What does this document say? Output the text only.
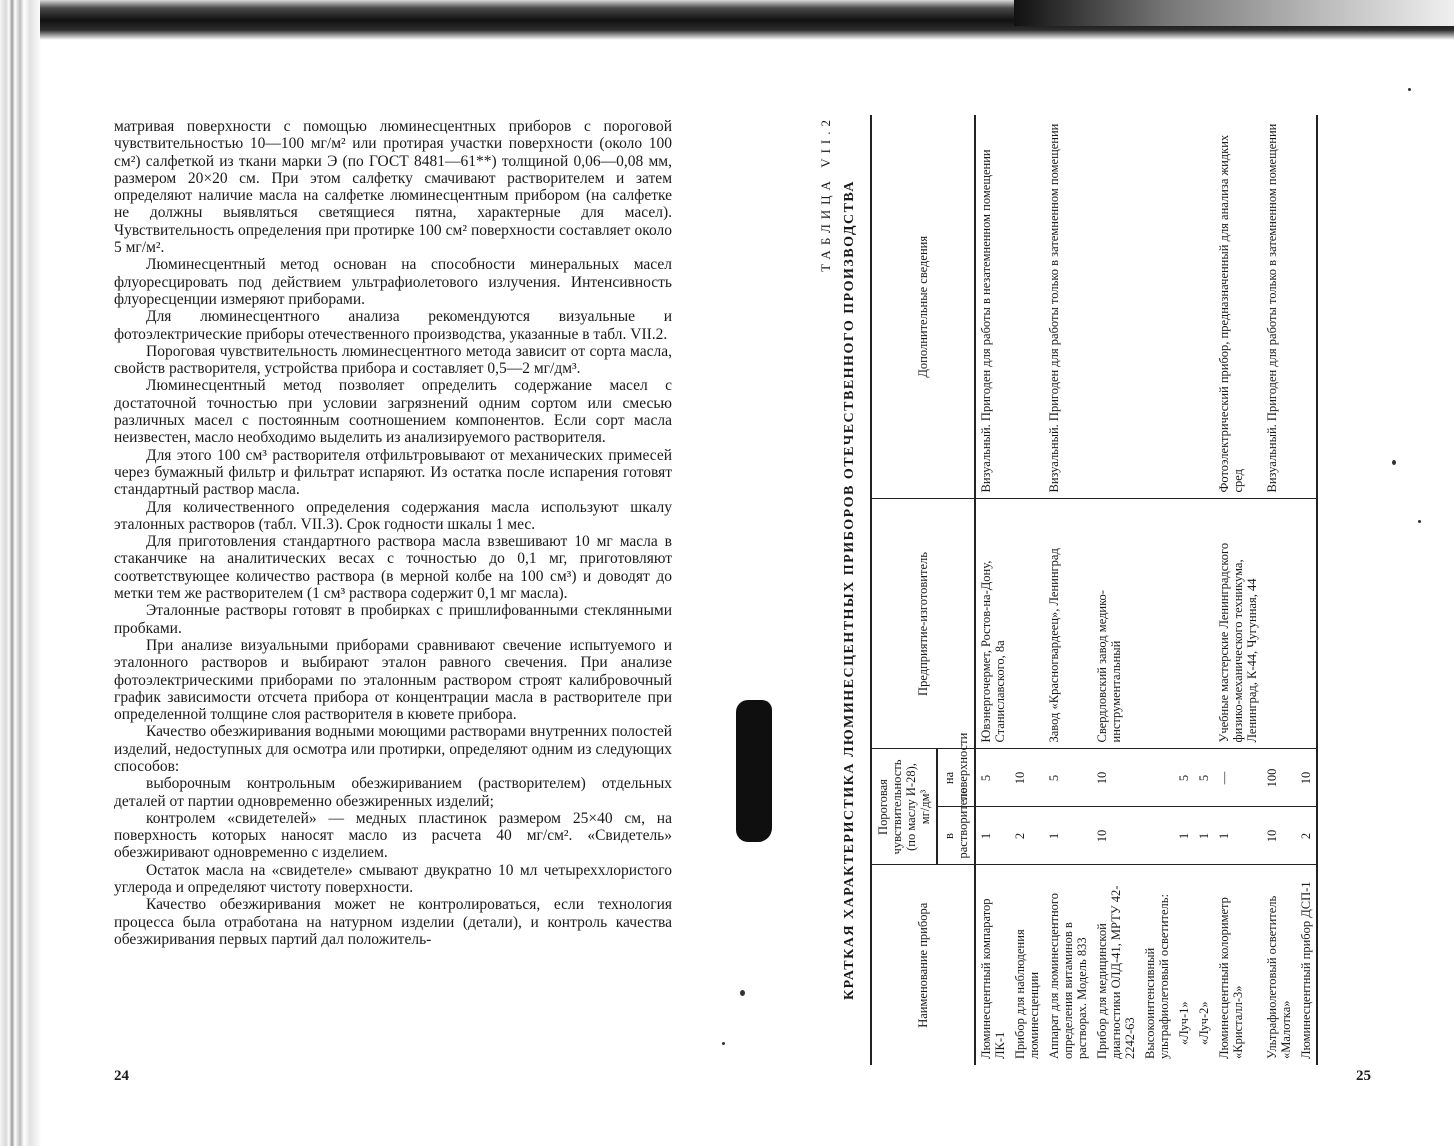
матривая поверхности с помощью люминесцентных приборов с пороговой чувствительностью 10—100 мг/м² или протирая участки поверхности (около 100 см²) салфеткой из ткани марки Э (по ГОСТ 8481—61**) толщиной 0,06—0,08 мм, размером 20×20 см. При этом салфетку смачивают растворителем и затем определяют наличие масла на салфетке люминесцентным прибором (на салфетке не должны выявляться светящиеся пятна, характерные для масел). Чувствительность определения при протирке 100 см² поверхности составляет около 5 мг/м².

Люминесцентный метод основан на способности минеральных масел флуоресцировать под действием ультрафиолетового излучения. Интенсивность флуоресценции измеряют приборами.

Для люминесцентного анализа рекомендуются визуальные и фотоэлектрические приборы отечественного производства, указанные в табл. VII.2.

Пороговая чувствительность люминесцентного метода зависит от сорта масла, свойств растворителя, устройства прибора и составляет 0,5—2 мг/дм³.

Люминесцентный метод позволяет определить содержание масел с достаточной точностью при условии загрязнений одним сортом или смесью различных масел с постоянным соотношением компонентов. Если сорт масла неизвестен, масло необходимо выделить из анализируемого растворителя.

Для этого 100 см³ растворителя отфильтровывают от механических примесей через бумажный фильтр и фильтрат испаряют. Из остатка после испарения готовят стандартный раствор масла.

Для количественного определения содержания масла используют шкалу эталонных растворов (табл. VII.3). Срок годности шкалы 1 мес.

Для приготовления стандартного раствора масла взвешивают 10 мг масла в стаканчике на аналитических весах с точностью до 0,1 мг, приготовляют соответствующее количество раствора (в мерной колбе на 100 см³) и доводят до метки тем же растворителем (1 см³ раствора содержит 0,1 мг масла).

Эталонные растворы готовят в пробирках с пришлифованными стеклянными пробками.

При анализе визуальными приборами сравнивают свечение испытуемого и эталонного растворов и выбирают эталон равного свечения. При анализе фотоэлектрическими приборами по эталонным раствором строят калибровочный график зависимости отсчета прибора от концентрации масла в растворителе при определенной толщине слоя растворителя в кювете прибора.

Качество обезжиривания водными моющими растворами внутренних полостей изделий, недоступных для осмотра или протирки, определяют одним из следующих способов:

выборочным контрольным обезжириванием (растворителем) отдельных деталей от партии одновременно обезжиренных изделий;

контролем «свидетелей» — медных пластинок размером 25×40 см, на поверхность которых наносят масло из расчета 40 мг/см². «Свидетель» обезжиривают одновременно с изделием.

Остаток масла на «свидетеле» смывают двукратно 10 мл четыреххлористого углерода и определяют чистоту поверхности.

Качество обезжиривания может не контролироваться, если технология процесса была отработана на натурном изделии (детали), и контроль качества обезжиривания первых партий дал положитель-

24
ТАБЛИЦА VII.2 КРАТКАЯ ХАРАКТЕРИСТИКА ЛЮМИНЕСЦЕНТНЫХ ПРИБОРОВ ОТЕЧЕСТВЕННОГО ПРОИЗВОДСТВА	Наименование прибора	Пороговая чувствительность (по маслу И-28), мг/дм³		Предприятие-изготовитель	Дополнительные сведения
	в растворителе	на поверхности		
Люминесцентный компаратор ЛК-1	1	5	Ювэнергочермет, Ростов-на-Дону, Станиславского, 8а	Визуальный. Пригоден для работы в незатемненном помещении
Прибор для наблюдения люминесценции	2	10		
Аппарат для люминесцентного определения витаминов в растворах. Модель 833	1	5	Завод «Красногвардеец», Ленинград	Визуальный. Пригоден для работы только в затемненном помещении
Прибор для медицинской диагностики ОЛД-41, МРТУ 42-2242-63	10	10	Свердловский завод медико-инструментальный	
Высокоинтенсивный ультрафиолетовый осветитель:				
«Луч-1»	1	5		
«Луч-2»	1	5		
Люминесцентный колориметр «Кристалл-3»	1	—	Учебные мастерские Ленинградского физико-механического техникума, Ленинград, К-44, Чугунная, 44	Фотоэлектрический прибор, предназначенный для анализа жидких сред
Ультрафиолетовый осветитель «Малотка»	10	100		Визуальный. Пригоден для работы только в затемненном помещении
Люминесцентный прибор ДСП-1	2	10		
25
